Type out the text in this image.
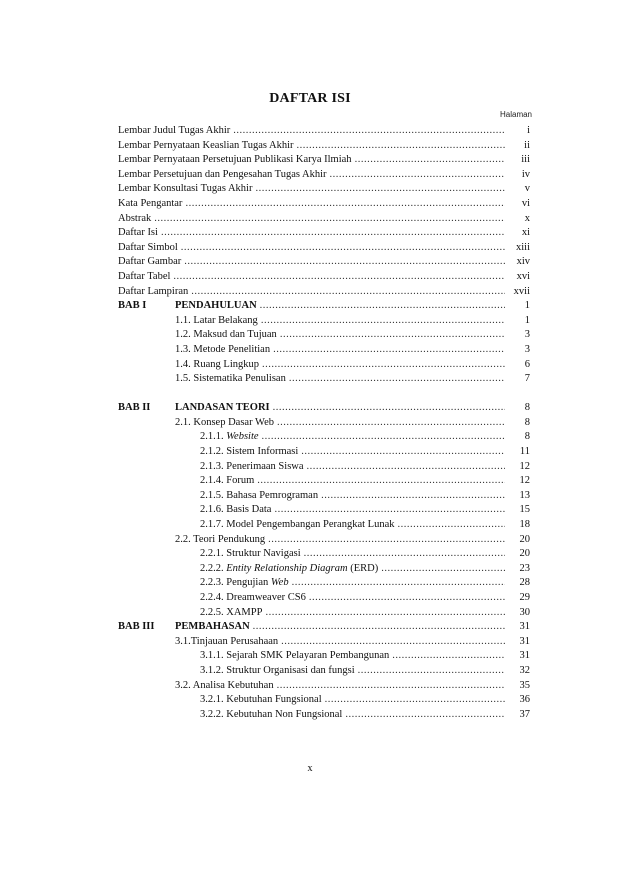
DAFTAR ISI
Halaman
Lembar Judul Tugas Akhir .....	i
Lembar Pernyataan Keaslian Tugas Akhir .....	ii
Lembar Pernyataan Persetujuan Publikasi Karya Ilmiah .....	iii
Lembar Persetujuan dan Pengesahan Tugas Akhir .....	iv
Lembar Konsultasi Tugas Akhir .....	v
Kata Pengantar .....	vi
Abstrak .....	x
Daftar Isi .....	xi
Daftar Simbol .....	xiii
Daftar Gambar .....	xiv
Daftar Tabel .....	xvi
Daftar Lampiran .....	xvii
BAB I	PENDAHULUAN .....	1
1.1. Latar Belakang .....	1
1.2. Maksud dan Tujuan .....	3
1.3. Metode Penelitian .....	3
1.4. Ruang Lingkup .....	6
1.5. Sistematika Penulisan .....	7
BAB II	LANDASAN TEORI .....	8
2.1. Konsep Dasar Web .....	8
2.1.1. Website .....	8
2.1.2. Sistem Informasi .....	11
2.1.3. Penerimaan Siswa .....	12
2.1.4. Forum .....	12
2.1.5. Bahasa Pemrograman .....	13
2.1.6. Basis Data .....	15
2.1.7. Model Pengembangan Perangkat Lunak .....	18
2.2. Teori Pendukung .....	20
2.2.1. Struktur Navigasi .....	20
2.2.2. Entity Relationship Diagram (ERD) .....	23
2.2.3. Pengujian Web .....	28
2.2.4. Dreamweaver CS6 .....	29
2.2.5. XAMPP .....	30
BAB III	PEMBAHASAN .....	31
3.1.Tinjauan Perusahaan .....	31
3.1.1. Sejarah SMK Pelayaran Pembangunan .....	31
3.1.2. Struktur Organisasi dan fungsi .....	32
3.2. Analisa Kebutuhan .....	35
3.2.1. Kebutuhan Fungsional .....	36
3.2.2. Kebutuhan Non Fungsional .....	37
x
